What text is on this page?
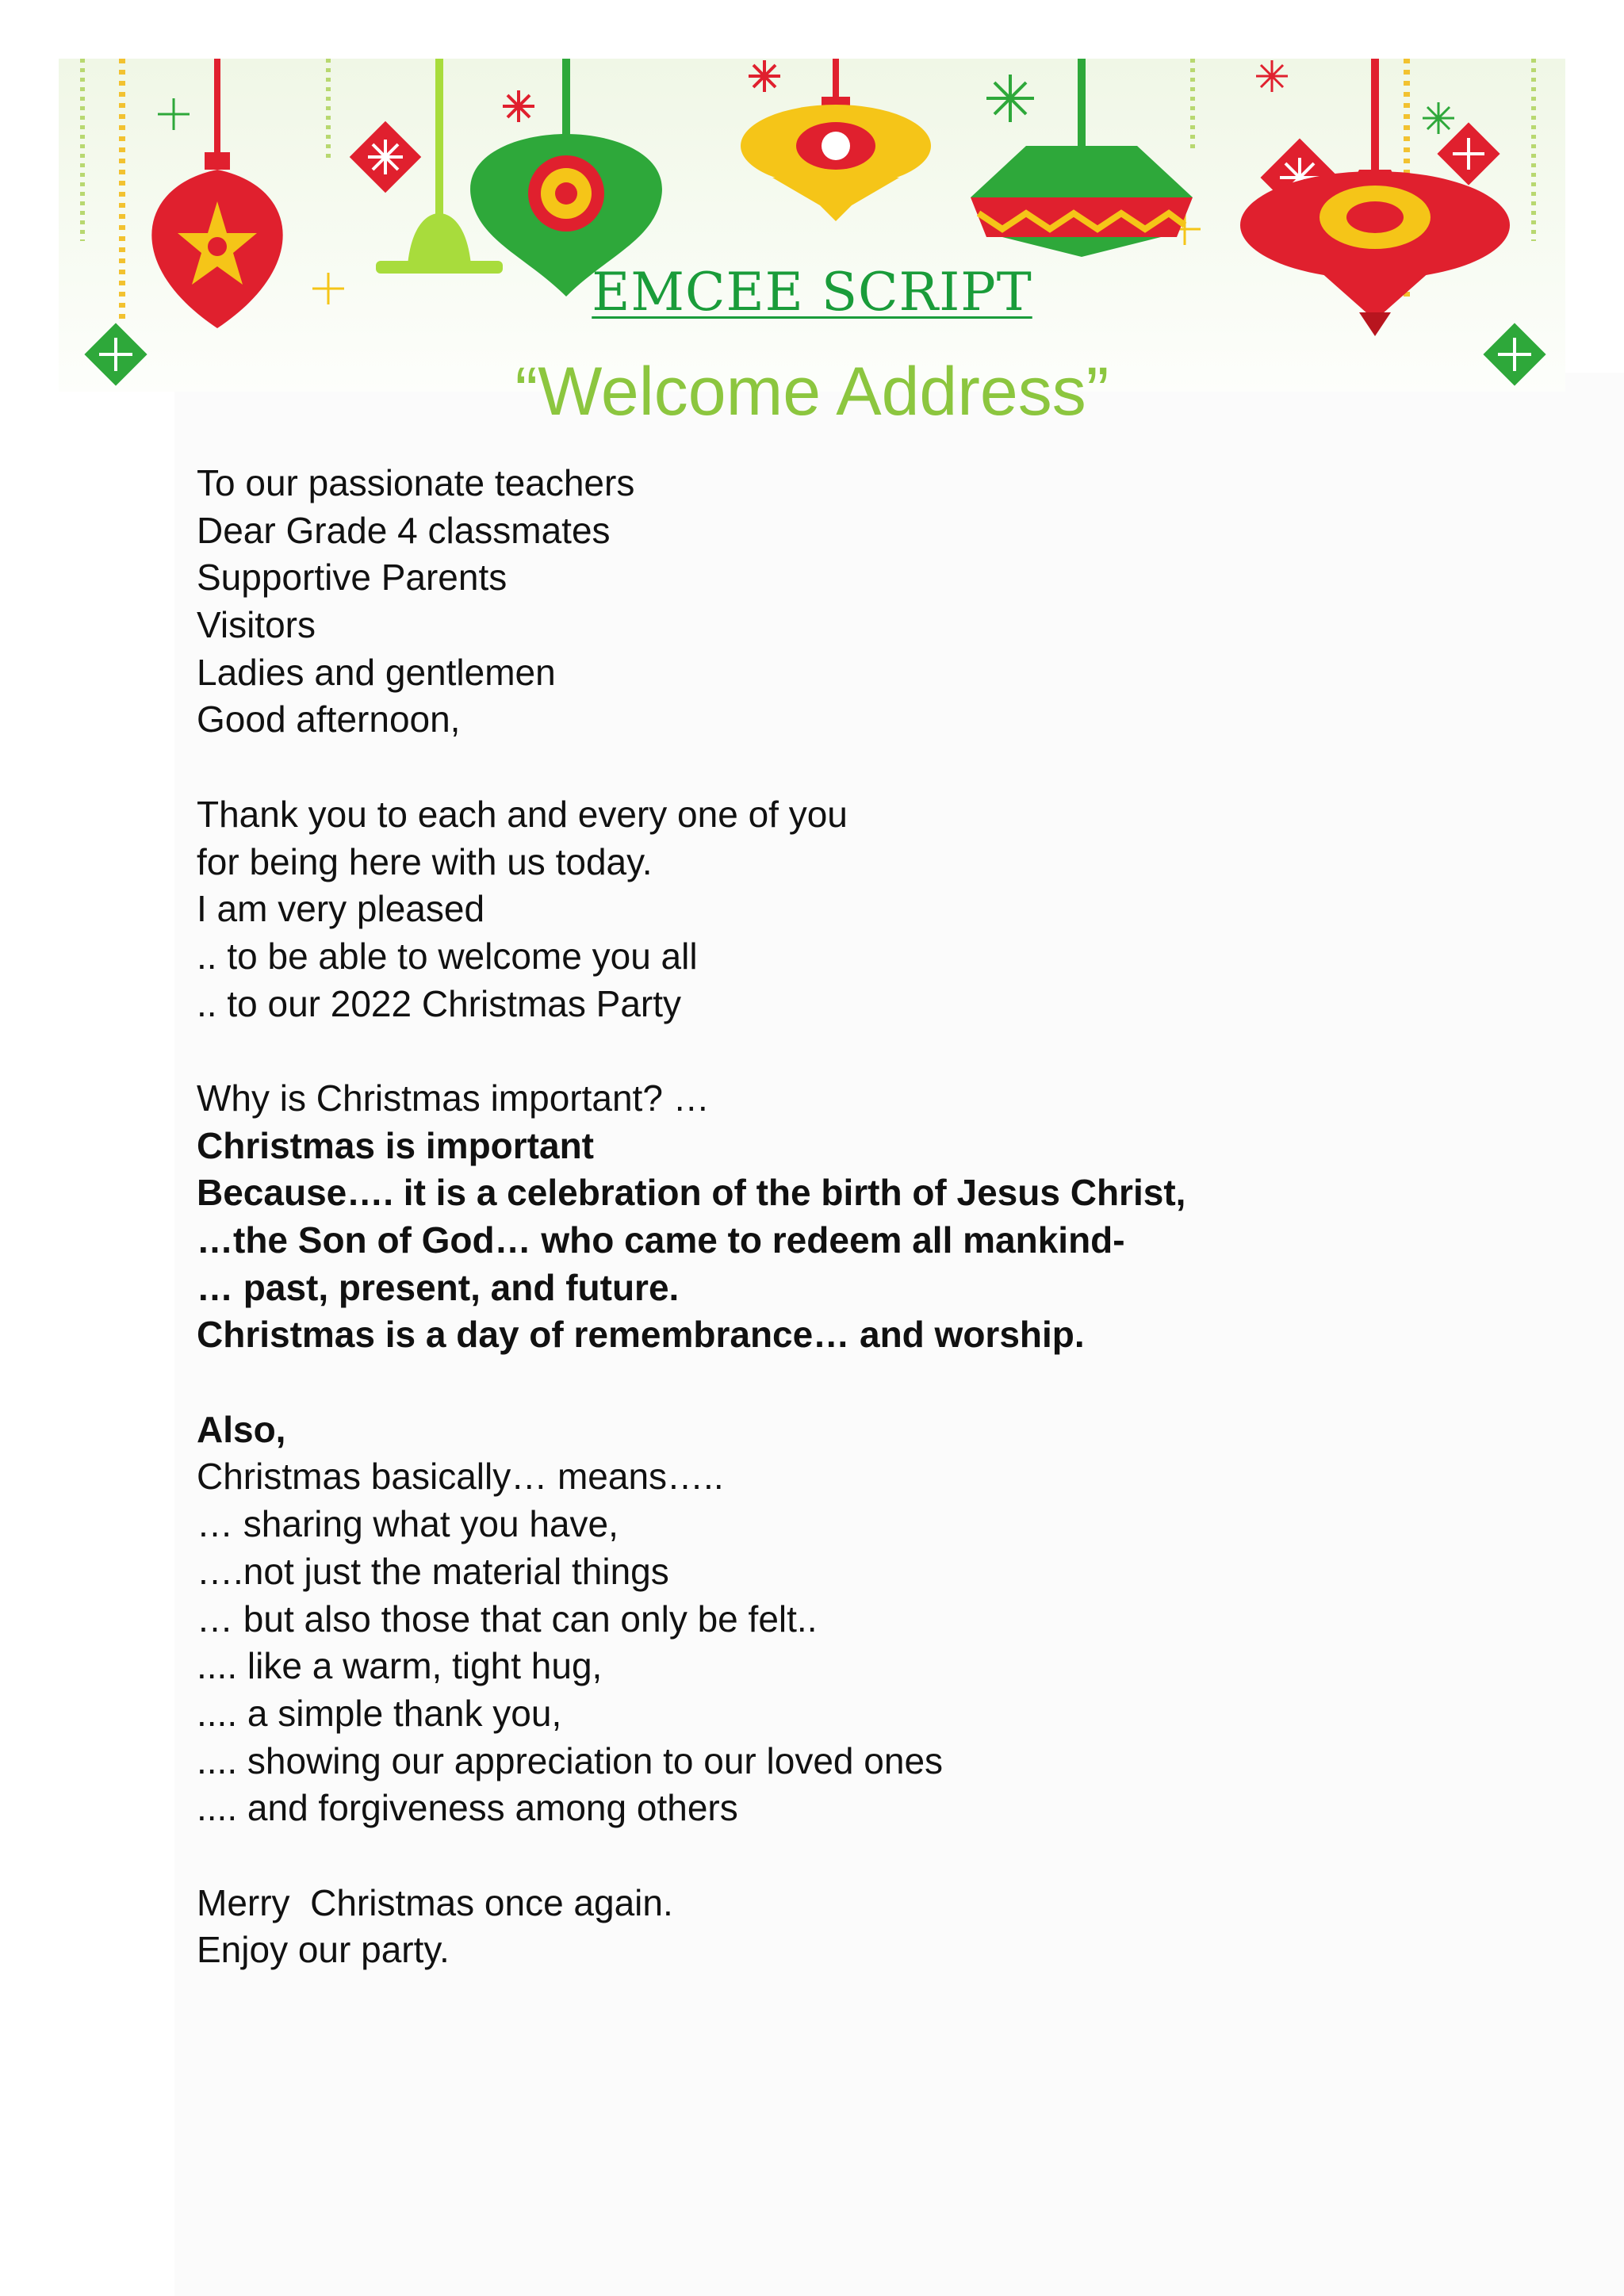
EMCEE SCRIPT
“Welcome Address”
To our passionate teachers
Dear Grade 4 classmates
Supportive Parents
Visitors
Ladies and gentlemen
Good afternoon,
Thank you to each and every one of you
for being here with us today.
I am very pleased
.. to be able to welcome you all
.. to our 2022 Christmas Party
Why is Christmas important? …
Christmas is important
Because…. it is a celebration of the birth of Jesus Christ,
…the Son of God… who came to redeem all mankind-
… past, present, and future.
Christmas is a day of remembrance… and worship.
Also,
Christmas basically… means…..
… sharing what you have,
….not just the material things
… but also those that can only be felt..
.... like a warm, tight hug,
.... a simple thank you,
.... showing our appreciation to our loved ones
.... and forgiveness among others
Merry  Christmas once again.
Enjoy our party.
